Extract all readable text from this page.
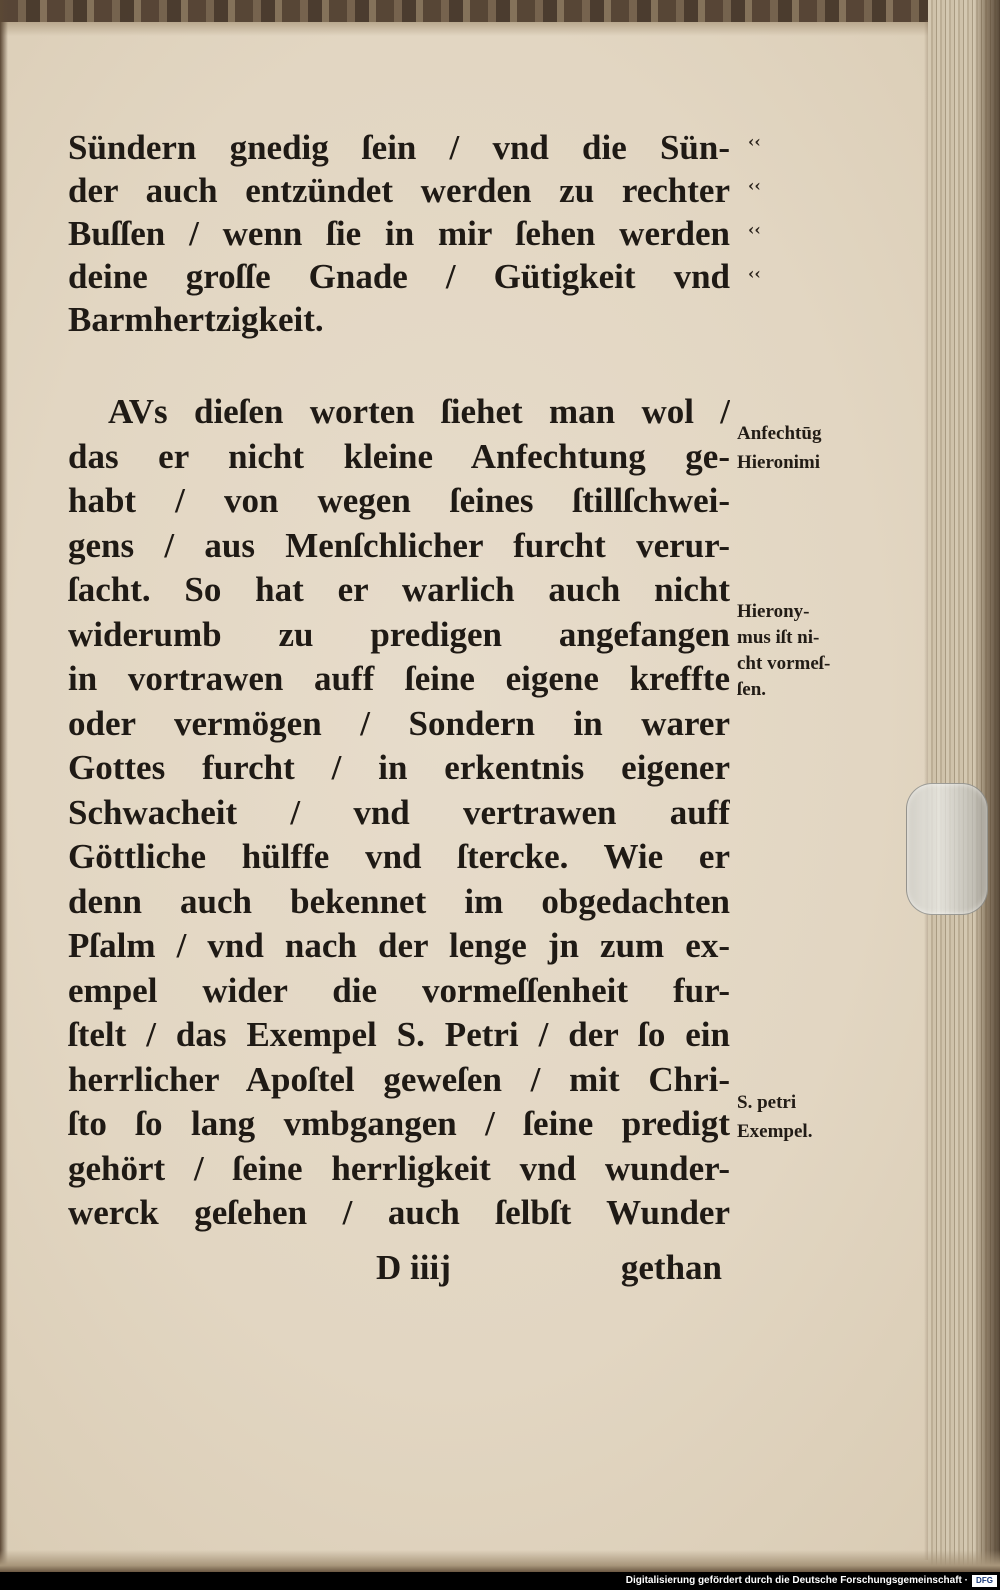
Sündern gnedig ſein / vnd die Sün-
der auch entzündet werden zu rechter
Buſſen / wenn ſie in mir ſehen werden
deine groſſe Gnade / Gütigkeit vnd
Barmhertzigkeit.
‹‹
‹‹
‹‹
‹‹
AVs dieſen worten ſiehet man wol /
das er nicht kleine Anfechtung ge-
habt / von wegen ſeines ſtillſchwei-
gens / aus Menſchlicher furcht verur-
ſacht. So hat er warlich auch nicht
widerumb zu predigen angefangen
in vortrawen auff ſeine eigene kreffte
oder vermögen / Sondern in warer
Gottes furcht / in erkentnis eigener
Schwacheit / vnd vertrawen auff
Göttliche hülffe vnd ſtercke. Wie er
denn auch bekennet im obgedachten
Pſalm / vnd nach der lenge jn zum ex-
empel wider die vormeſſenheit fur-
ſtelt / das Exempel S. Petri / der ſo ein
herrlicher Apoſtel geweſen / mit Chri-
ſto ſo lang vmbgangen / ſeine predigt
gehört / ſeine herrligkeit vnd wunder-
werck geſehen / auch ſelbſt Wunder
Anfechtūg
Hieronimi
Hierony-
mus iſt ni-
cht vormeſ-
ſen.
S. petri
Exempel.
D iiij	gethan
Digitalisierung gefördert durch die Deutsche Forschungsgemeinschaft ·	DFG
